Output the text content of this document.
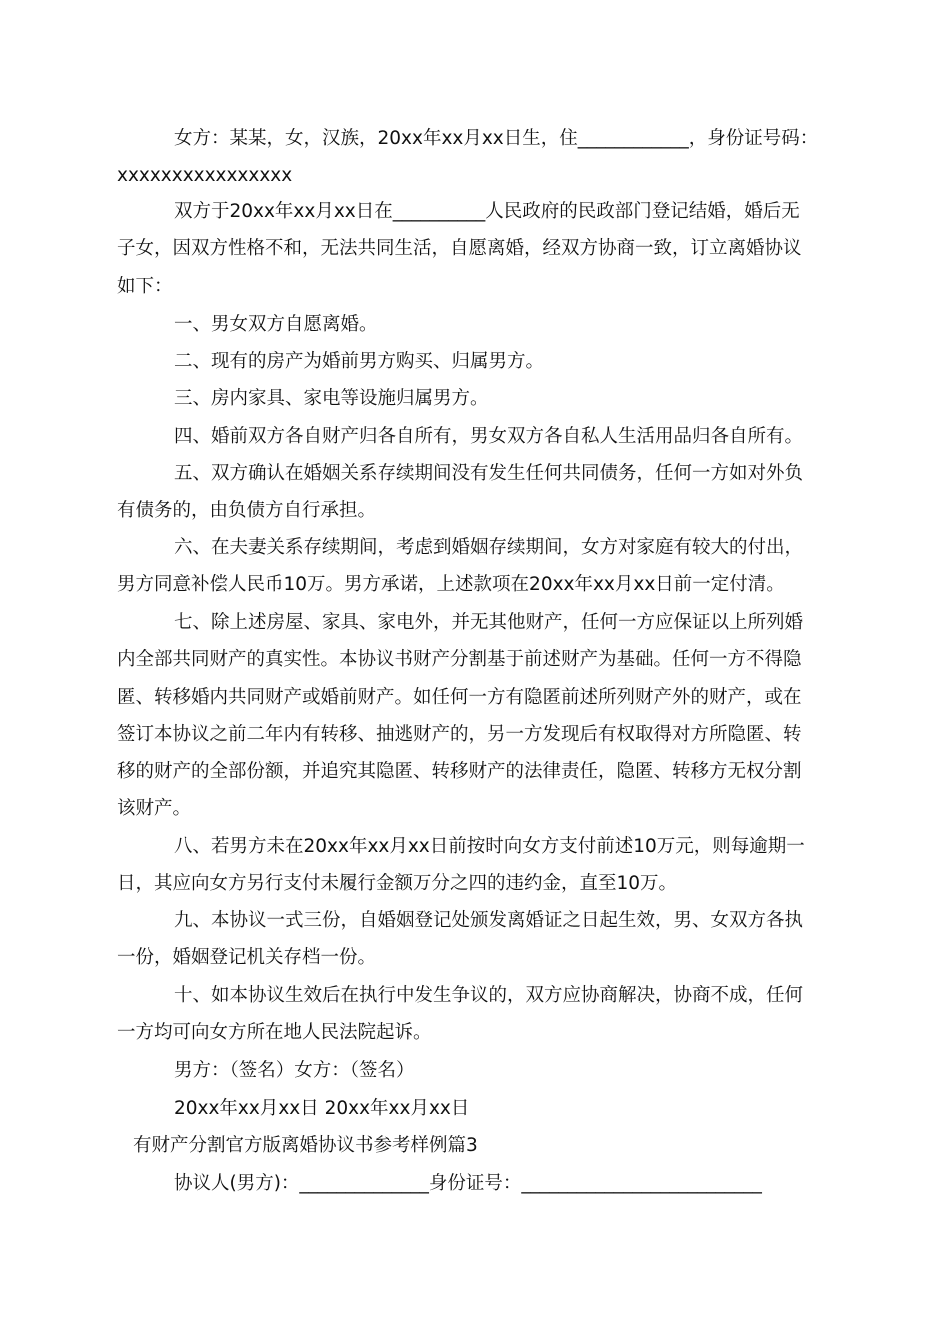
女方：某某，女，汉族，20xx年xx月xx日生，住____________，身份证号码：
xxxxxxxxxxxxxxxx
双方于20xx年xx月xx日在__________人民政府的民政部门登记结婚，婚后无
子女，因双方性格不和，无法共同生活，自愿离婚，经双方协商一致，订立离婚协议
如下：
一、男女双方自愿离婚。
二、现有的房产为婚前男方购买、归属男方。
三、房内家具、家电等设施归属男方。
四、婚前双方各自财产归各自所有，男女双方各自私人生活用品归各自所有。
五、双方确认在婚姻关系存续期间没有发生任何共同债务，任何一方如对外负
有债务的，由负债方自行承担。
六、在夫妻关系存续期间，考虑到婚姻存续期间，女方对家庭有较大的付出，
男方同意补偿人民币10万。男方承诺，上述款项在20xx年xx月xx日前一定付清。
七、除上述房屋、家具、家电外，并无其他财产，任何一方应保证以上所列婚
内全部共同财产的真实性。本协议书财产分割基于前述财产为基础。任何一方不得隐
匿、转移婚内共同财产或婚前财产。如任何一方有隐匿前述所列财产外的财产，或在
签订本协议之前二年内有转移、抽逃财产的，另一方发现后有权取得对方所隐匿、转
移的财产的全部份额，并追究其隐匿、转移财产的法律责任，隐匿、转移方无权分割
该财产。
八、若男方未在20xx年xx月xx日前按时向女方支付前述10万元，则每逾期一
日，其应向女方另行支付未履行金额万分之四的违约金，直至10万。
九、本协议一式三份，自婚姻登记处颁发离婚证之日起生效，男、女双方各执
一份，婚姻登记机关存档一份。
十、如本协议生效后在执行中发生争议的，双方应协商解决，协商不成，任何
一方均可向女方所在地人民法院起诉。
男方：（签名）女方：（签名）
20xx年xx月xx日 20xx年xx月xx日
有财产分割官方版离婚协议书参考样例篇3
协议人(男方)：______________身份证号：__________________________
